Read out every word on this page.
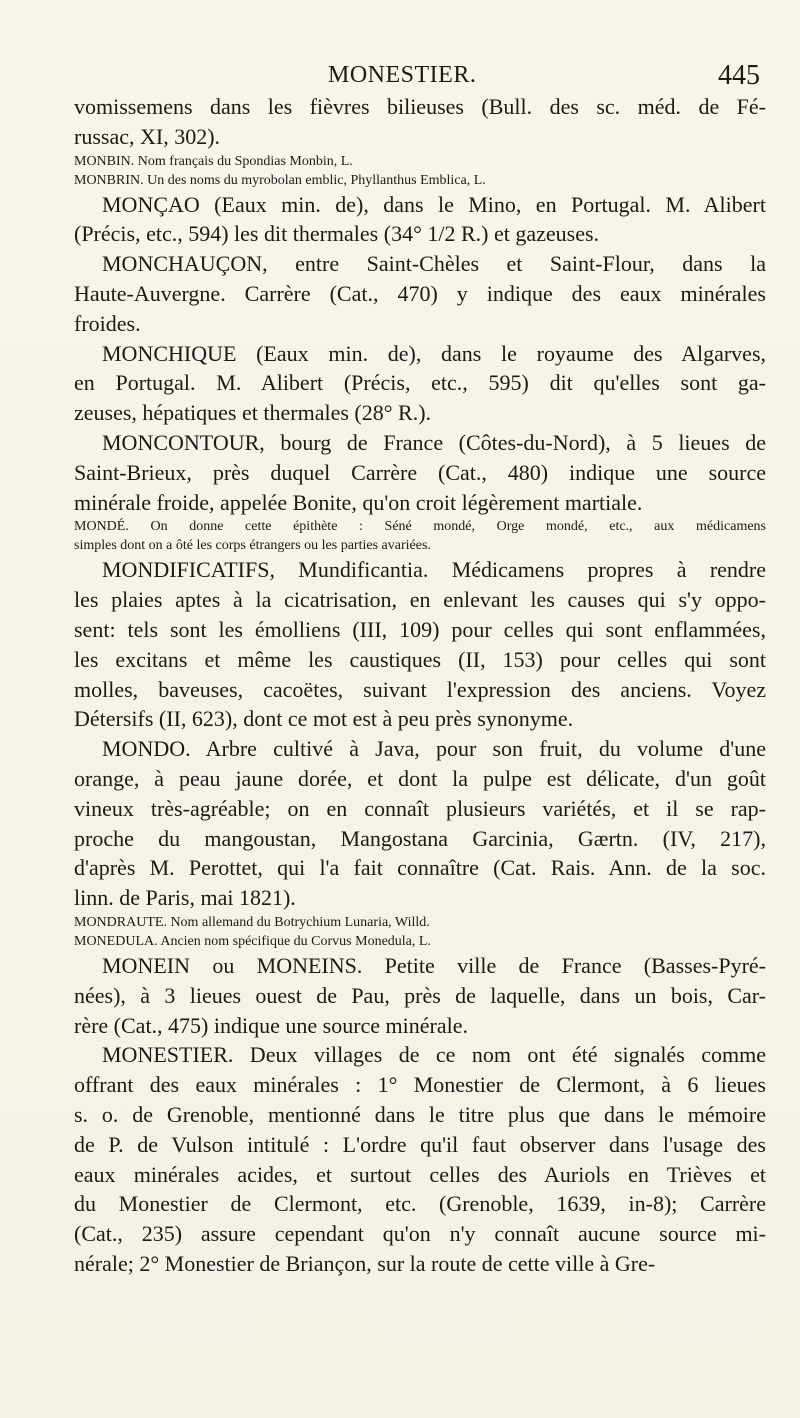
MONESTIER.	445
vomissemens dans les fièvres bilieuses (Bull. des sc. méd. de Fé-
russac, XI, 302).
MONBIN. Nom français du Spondias Monbin, L.
MONBRIN. Un des noms du myrobolan emblic, Phyllanthus Emblica, L.
MONÇAO (Eaux min. de), dans le Mino, en Portugal. M. Alibert
(Précis, etc., 594) les dit thermales (34° 1/2 R.) et gazeuses.
MONCHAUÇON, entre Saint-Chèles et Saint-Flour, dans la
Haute-Auvergne. Carrère (Cat., 470) y indique des eaux minérales
froides.
MONCHIQUE (Eaux min. de), dans le royaume des Algarves,
en Portugal. M. Alibert (Précis, etc., 595) dit qu'elles sont ga-
zeuses, hépatiques et thermales (28° R.).
MONCONTOUR, bourg de France (Côtes-du-Nord), à 5 lieues de
Saint-Brieux, près duquel Carrère (Cat., 480) indique une source
minérale froide, appelée Bonite, qu'on croit légèrement martiale.
MONDÉ. On donne cette épithète : Séné mondé, Orge mondé, etc., aux médicamens
simples dont on a ôté les corps étrangers ou les parties avariées.
MONDIFICATIFS, Mundificantia. Médicamens propres à rendre
les plaies aptes à la cicatrisation, en enlevant les causes qui s'y oppo-
sent: tels sont les émolliens (III, 109) pour celles qui sont enflammées,
les excitans et même les caustiques (II, 153) pour celles qui sont
molles, baveuses, cacoëtes, suivant l'expression des anciens. Voyez
Détersifs (II, 623), dont ce mot est à peu près synonyme.
MONDO. Arbre cultivé à Java, pour son fruit, du volume d'une
orange, à peau jaune dorée, et dont la pulpe est délicate, d'un goût
vineux très-agréable; on en connaît plusieurs variétés, et il se rap-
proche du mangoustan, Mangostana Garcinia, Gærtn. (IV, 217),
d'après M. Perottet, qui l'a fait connaître (Cat. Rais. Ann. de la soc.
linn. de Paris, mai 1821).
MONDRAUTE. Nom allemand du Botrychium Lunaria, Willd.
MONEDULA. Ancien nom spécifique du Corvus Monedula, L.
MONEIN ou MONEINS. Petite ville de France (Basses-Pyré-
nées), à 3 lieues ouest de Pau, près de laquelle, dans un bois, Car-
rère (Cat., 475) indique une source minérale.
MONESTIER. Deux villages de ce nom ont été signalés comme
offrant des eaux minérales : 1° Monestier de Clermont, à 6 lieues
s. o. de Grenoble, mentionné dans le titre plus que dans le mémoire
de P. de Vulson intitulé : L'ordre qu'il faut observer dans l'usage des
eaux minérales acides, et surtout celles des Auriols en Trièves et
du Monestier de Clermont, etc. (Grenoble, 1639, in-8); Carrère
(Cat., 235) assure cependant qu'on n'y connaît aucune source mi-
nérale; 2° Monestier de Briançon, sur la route de cette ville à Gre-
